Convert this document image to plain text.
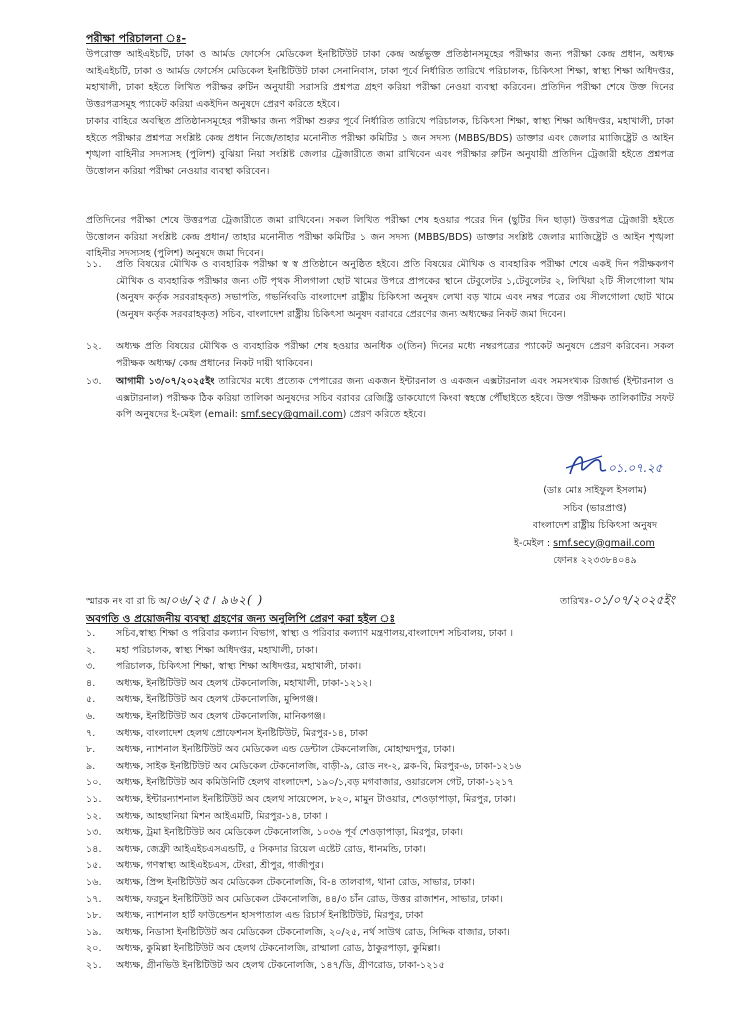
পরীক্ষা পরিচালনা ঃ-

উপরোক্ত আইএইচটি, ঢাকা ও আর্মড ফোর্সেস মেডিকেল ইনষ্টিটিউট ঢাকা কেন্দ্র অর্ন্তভুক্ত প্রতিষ্ঠানসমূহের পরীক্ষার জন্য পরীক্ষা কেন্দ্র প্রধান, অধ্যক্ষ আইএইচটি, ঢাকা ও আর্মড ফোর্সেস মেডিকেল ইনষ্টিটিউট ঢাকা সেনানিবাস, ঢাকা পূর্বে নির্ধারিত তারিখে পরিচালক, চিকিৎসা শিক্ষা, স্বাস্থ্য শিক্ষা অধিদপ্তর, মহাখালী, ঢাকা হইতে লিখিত পরীক্ষর রুটিন অনুযায়ী সরাসরি প্রশ্নপত্র গ্রহণ করিয়া পরীক্ষা নেওয়া ব্যবস্থা করিবেন। প্রতিদিন পরীক্ষা শেষে উক্ত দিনের উত্তরপত্রসমূহ প্যাকেট করিয়া একইদিন অনুষদে প্রেরণ করিতে হইবে।

ঢাকার বাহিরে অবস্থিত প্রতিষ্ঠানসমূহের পরীক্ষার জন্য পরীক্ষা শুরুর পূর্বে নির্ধারিত তারিখে পরিচালক, চিকিৎসা শিক্ষা, স্বাস্থ্য শিক্ষা অধিদপ্তর, মহাখালী, ঢাকা হইতে পরীক্ষার প্রশ্নপত্র সংশ্লিষ্ট কেন্দ্র প্রধান নিজে/তাহার মনোনীত পরীক্ষা কমিটির ১ জন সদস্য (MBBS/BDS) ডাক্তার এবং জেলার ম্যাজিষ্ট্রেট ও আইন শৃঙ্খলা বাহিনীর সদস্যসহ (পুলিশ) বুঝিয়া নিয়া সংশ্লিষ্ট জেলার ট্রেজারীতে জমা রাখিবেন এবং পরীক্ষার রুটিন অনুযায়ী প্রতিদিন ট্রেজারী হইতে প্রশ্নপত্র উত্তোলন করিয়া পরীক্ষা নেওয়ার ব্যবস্থা করিবেন।

প্রতিদিনের পরীক্ষা শেষে উত্তরপত্র ট্রেজারীতে জমা রাখিবেন। সকল লিখিত পরীক্ষা শেষ হওয়ার পরের দিন (ছুটির দিন ছাড়া) উত্তরপত্র ট্রেজারী হইতে উত্তোলন করিয়া সংশ্লিষ্ট কেন্দ্র প্রধান/ তাহার মনোনীত পরীক্ষা কমিটির ১ জন সদস্য (MBBS/BDS) ডাক্তার সংশ্লিষ্ট জেলার ম্যাজিষ্ট্রেট ও আইন শৃঙ্খলা বাহিনীর সদস্যসহ (পুলিশ) অনুষদে জমা দিবেন।

১১.	প্রতি বিষয়ের মৌখিক ও ব্যবহারিক পরীক্ষা স্ব স্ব প্রতিষ্ঠানে অনুষ্ঠিত হইবে। প্রতি বিষয়ের মৌখিক ও ব্যবহারিক পরীক্ষা শেষে একই দিন পরীক্ষকগণ মৌখিক ও ব্যবহারিক পরীক্ষার জন্য ৩টি পৃথক সীলগালা ছোট খামের উপরে প্রাপকের স্থানে টেবুলেটর ১,টেবুলেটর ২, লিখিয়া ২টি সীলগোলা খাম (অনুষদ কর্তৃক সরবরাহকৃত) সভাপতি, গভর্নিংবডি বাংলাদেশ রাষ্ট্রীয় চিকিৎসা অনুষদ লেখা বড় খামে এবং নম্বর পত্রের ৩য় সীলগোলা ছোট খামে (অনুষদ কর্তৃক সরবরাহকৃত) সচিব, বাংলাদেশ রাষ্ট্রীয় চিকিৎসা অনুষদ বরাবরে প্রেরণের জন্য অধ্যক্ষের নিকট জমা দিবেন।
১২.	অধ্যক্ষ প্রতি বিষয়ের মৌখিক ও ব্যবহারিক পরীক্ষা শেষ হওয়ার অনধিক ৩(তিন) দিনের মধ্যে নম্বরপত্রের প্যাকেট অনুষদে প্রেরণ করিবেন। সকল পরীক্ষক অধ্যক্ষ/ কেন্দ্র প্রধানের নিকট দায়ী থাকিবেন।
১৩.	আগামী ১৩/০৭/২০২৫ইং তারিখের মধ্যে প্রত্যেক পেপারের জন্য একজন ইন্টারনাল ও একজন এক্সটারনাল এবং সমসংখ্যক রিজার্ভ (ইন্টারনাল ও এক্সটারনাল) পরীক্ষক ঠিক করিয়া তালিকা অনুষদের সচিব বরাবর রেজিষ্ট্রি ডাকযোগে কিংবা স্বহস্তে পৌঁছাইতে হইবে। উক্ত পরীক্ষক তালিকাটির সফট কপি অনুষদের ই-মেইল (email: smf.secy@gmail.com) প্রেরণ করিতে হইবে।
০১.০৭.২৫
(ডাঃ মোঃ সাইফুল ইসলাম)
সচিব (ভারপ্রাপ্ত)
বাংলাদেশ রাষ্ট্রীয় চিকিৎসা অনুষদ
ই-মেইল : smf.secy@gmail.com
ফোনঃ ২২৩৩৮৪০৪৯
স্মারক নং বা রা চি অ/০৬/২৫। ৯৬২( )	তারিখঃ-০১/০৭/২০২৫ইং
অবগতি ও প্রয়োজনীয় ব্যবস্থা গ্রহণের জন্য অনুলিপি প্রেরণ করা হইল ঃ
১.	সচিব,স্বাস্থ্য শিক্ষা ও পরিবার কল্যান বিভাগ, স্বাস্থ্য ও পরিবার কল্যাণ মন্ত্রণালয়,বাংলাদেশ সচিবালয়, ঢাকা ।
২.	মহা পরিচালক, স্বাস্থ্য শিক্ষা অধিদপ্তর, মহাখালী, ঢাকা।
৩.	পরিচালক, চিকিৎসা শিক্ষা, স্বাস্থ্য শিক্ষা অধিদপ্তর, মহাখালী, ঢাকা।
৪.	অধ্যক্ষ, ইনষ্টিটিউট অব হেলথ টেকনোলজি, মহাখালী, ঢাকা-১২১২।
৫.	অধ্যক্ষ, ইনষ্টিটিউট অব হেলথ টেকনোলজি, মুন্সিগঞ্জ।
৬.	অধ্যক্ষ, ইনষ্টিটিউট অব হেলথ টেকনোলজি, মানিকগঞ্জ।
৭.	অধ্যক্ষ, বাংলাদেশ হেলথ প্রোফেশনস ইনষ্টিটিউট, মিরপুর-১৪, ঢাকা
৮.	অধ্যক্ষ, ন্যাশনাল ইনষ্টিটিউট অব মেডিকেল এন্ড ডেন্টাল টেকনোলজি, মোহাম্মদপুর, ঢাকা।
৯.	অধ্যক্ষ, সাইক ইনষ্টিটিউট অব মেডিকেল টেকনোলজি, বাড়ী-৯, রোড নং-২, ব্লক-বি, মিরপুর-৬, ঢাকা-১২১৬
১০.	অধ্যক্ষ, ইনষ্টিটিউট অব কমিউনিটি হেলথ বাংলাদেশ, ১৯০/১,বড় মগবাজার, ওয়ারলেস গেট, ঢাকা-১২১৭
১১.	অধ্যক্ষ, ইন্টারন্যাশনাল ইনষ্টিটিউট অব হেলথ সায়েন্সেস, ৮২০, মামুন টাওয়ার, শেওড়াপাড়া, মিরপুর, ঢাকা।
১২.	অধ্যক্ষ, আহছানিয়া মিশন আইএমটি, মিরপুর-১৪, ঢাকা ।
১৩.	অধ্যক্ষ, ট্রমা ইনষ্টিটিউট অব মেডিকেল টেকনোলজি, ১০৩৬ পূর্ব শেওড়াপাড়া, মিরপুর, ঢাকা।
১৪.	অধ্যক্ষ, জেফ্রী আইএইচএসএন্ডটি, ৫ সিকদার রিয়েল এষ্টেট রোড, ধানমন্ডি, ঢাকা।
১৫.	অধ্যক্ষ, গণস্বাস্থ্য আইএইচএস, টেংরা, শ্রীপুর, গাজীপুর।
১৬.	অধ্যক্ষ, প্রিন্স ইনষ্টিটিউট অব মেডিকেল টেকনোলজি, বি-৪ তালবাগ, থানা রোড, সাভার, ঢাকা।
১৭.	অধ্যক্ষ, ফরচুন ইনষ্টিটিউট অব মেডিকেল টেকনোলজি, ৪৪/৩ চাঁন রোড, উত্তর রাজাশন, সাভার, ঢাকা।
১৮.	অধ্যক্ষ, ন্যাশনাল হার্ট ফাউন্ডেশন হাসপাতাল এন্ড রিচার্স ইনষ্টিটিউট, মিরপুর, ঢাকা
১৯.	অধ্যক্ষ, নিডাসা ইনষ্টিটিউট অব মেডিকেল টেকনোলজি, ২০/২৫, নর্থ সাউথ রোড, সিদ্দিক বাজার, ঢাকা।
২০.	অধ্যক্ষ, কুমিল্লা ইনষ্টিটিউট অব হেলথ টেকনোলজি, রাম্মালা রোড, ঠাকুরপাড়া, কুমিল্লা।
২১.	অধ্যক্ষ, গ্রীনভিউ ইনষ্টিটিউট অব হেলথ টেকনোলজি, ১৪৭/ডি, গ্রীণরোড, ঢাকা-১২১৫
